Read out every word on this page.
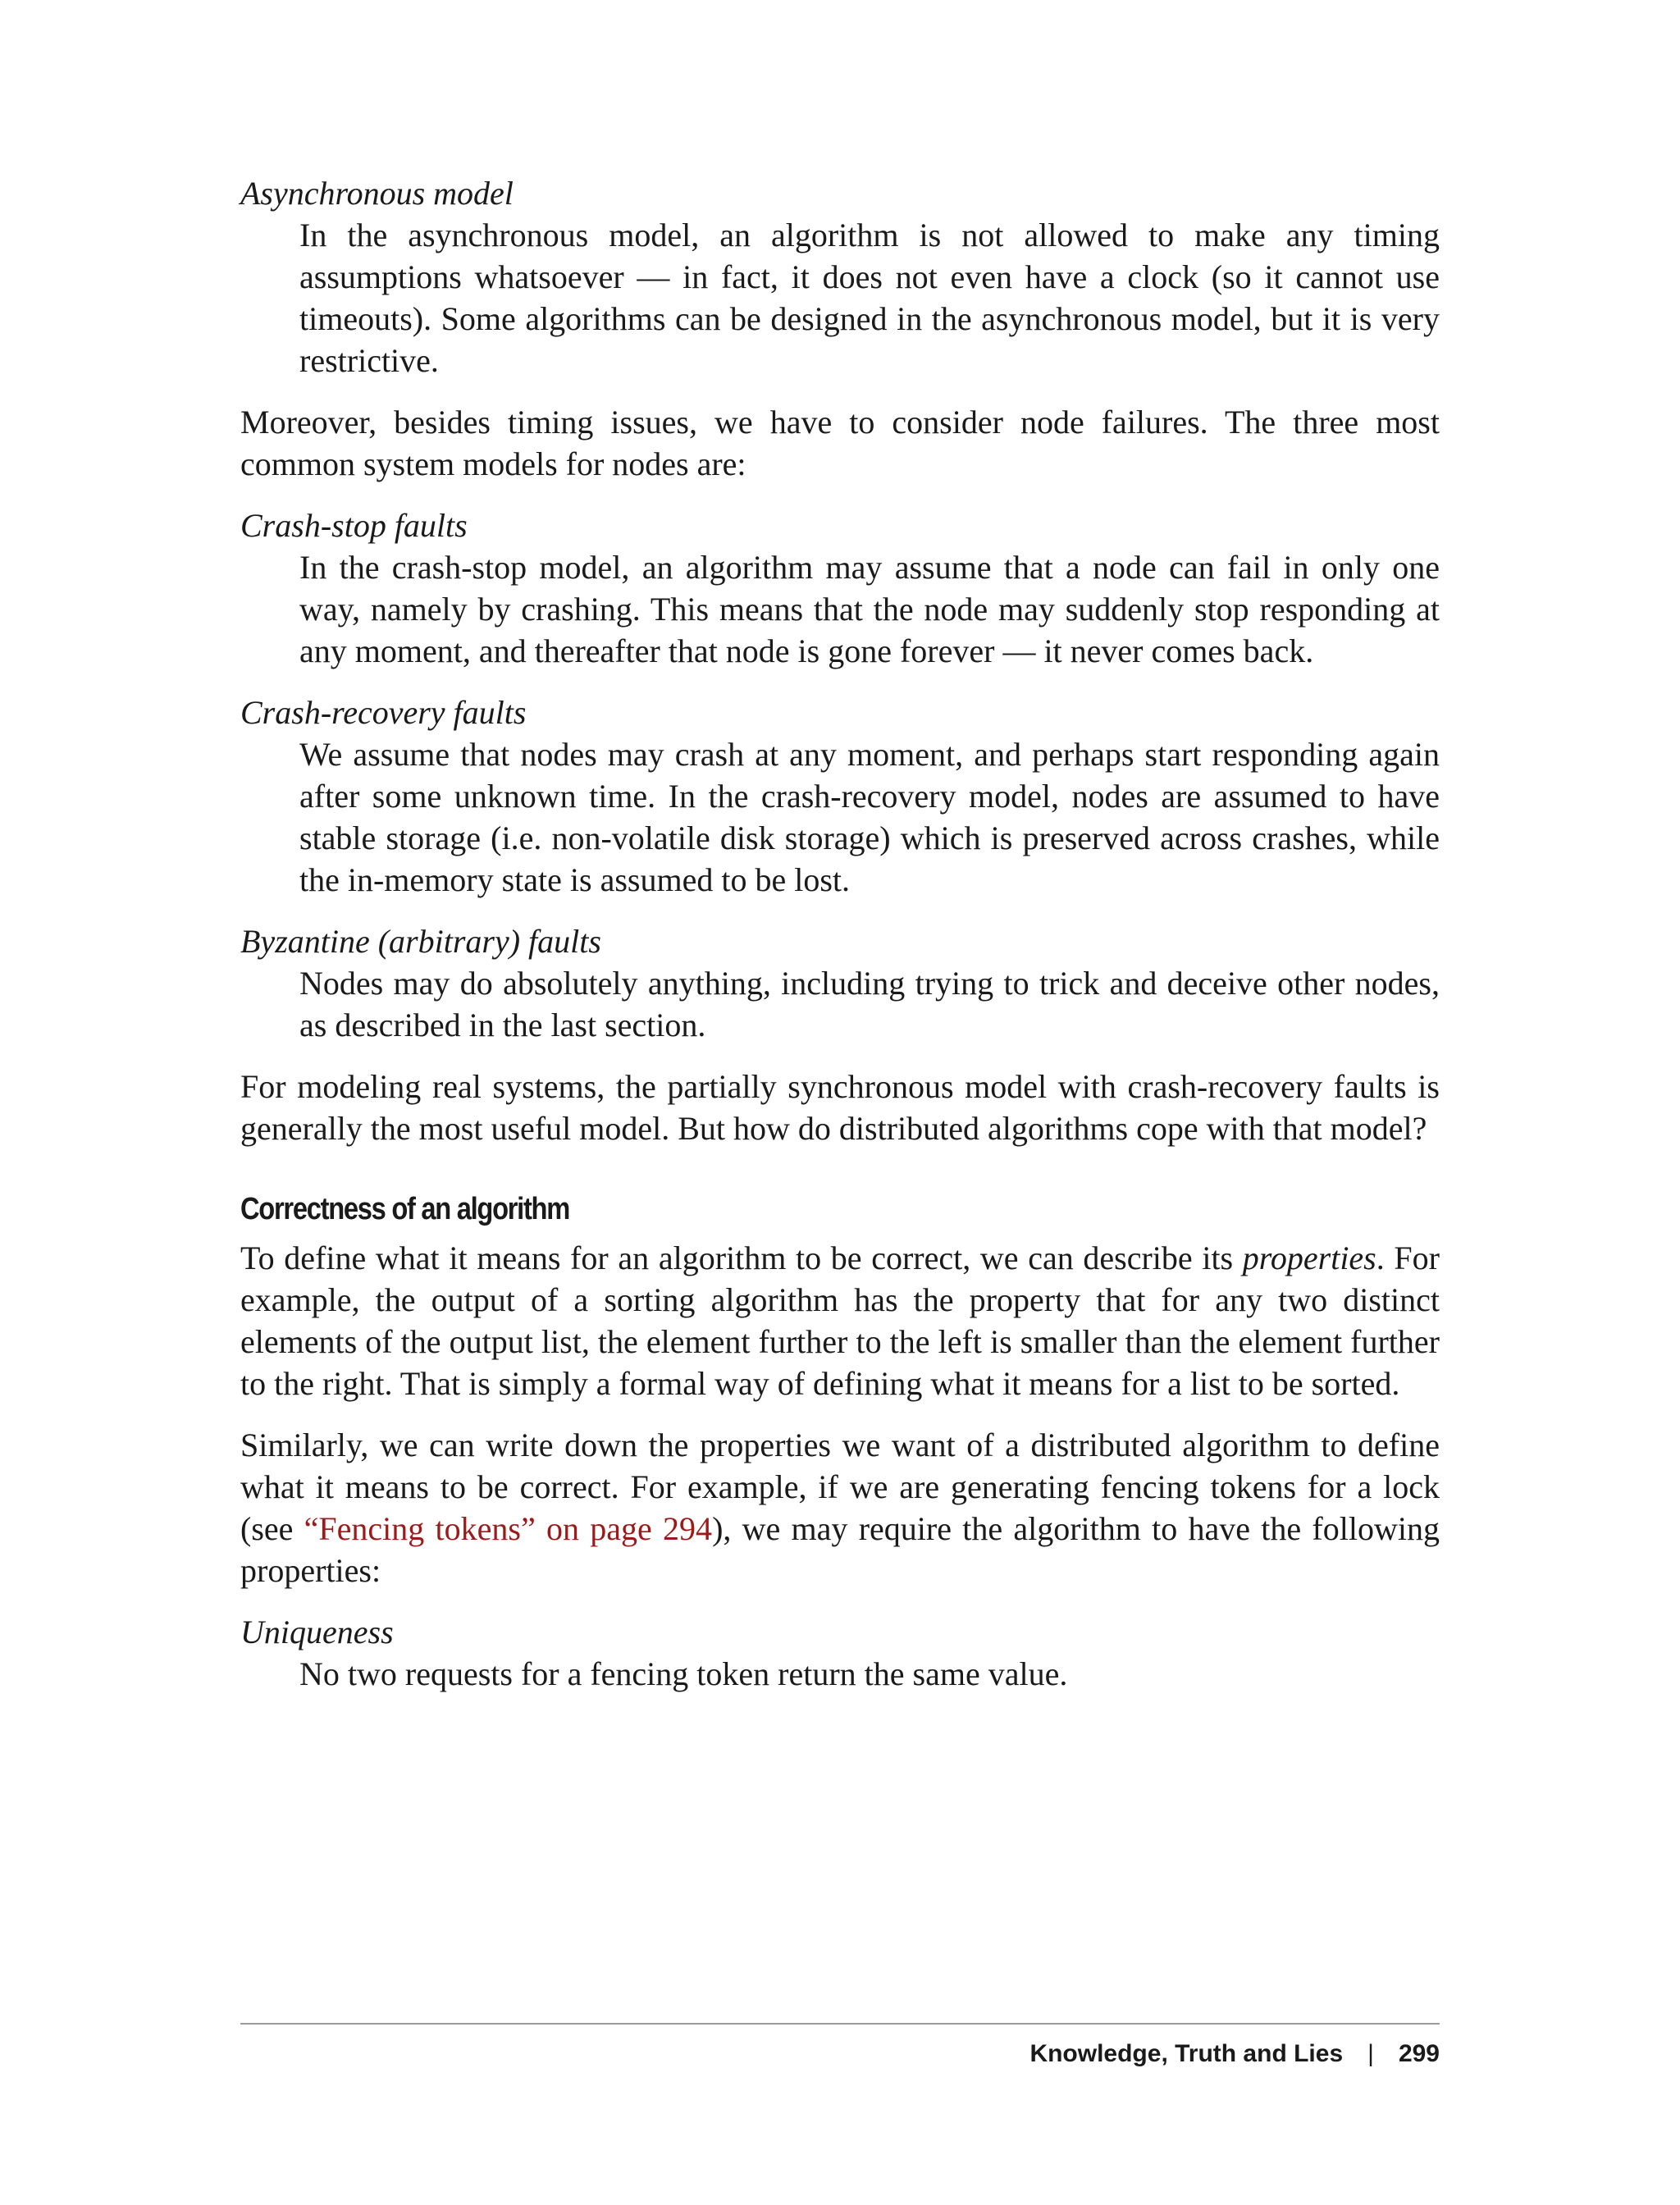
Asynchronous model

In the asynchronous model, an algorithm is not allowed to make any timing assumptions whatsoever — in fact, it does not even have a clock (so it cannot use timeouts). Some algorithms can be designed in the asynchronous model, but it is very restrictive.

Moreover, besides timing issues, we have to consider node failures. The three most common system models for nodes are:

Crash-stop faults

In the crash-stop model, an algorithm may assume that a node can fail in only one way, namely by crashing. This means that the node may suddenly stop responding at any moment, and thereafter that node is gone forever — it never comes back.

Crash-recovery faults

We assume that nodes may crash at any moment, and perhaps start responding again after some unknown time. In the crash-recovery model, nodes are assumed to have stable storage (i.e. non-volatile disk storage) which is preserved across crashes, while the in-memory state is assumed to be lost.

Byzantine (arbitrary) faults

Nodes may do absolutely anything, including trying to trick and deceive other nodes, as described in the last section.

For modeling real systems, the partially synchronous model with crash-recovery faults is generally the most useful model. But how do distributed algorithms cope with that model?

Correctness of an algorithm

To define what it means for an algorithm to be correct, we can describe its properties. For example, the output of a sorting algorithm has the property that for any two distinct elements of the output list, the element further to the left is smaller than the element further to the right. That is simply a formal way of defining what it means for a list to be sorted.

Similarly, we can write down the properties we want of a distributed algorithm to define what it means to be correct. For example, if we are generating fencing tokens for a lock (see “Fencing tokens” on page 294), we may require the algorithm to have the following properties:

Uniqueness

No two requests for a fencing token return the same value.

Knowledge, Truth and Lies | 299
